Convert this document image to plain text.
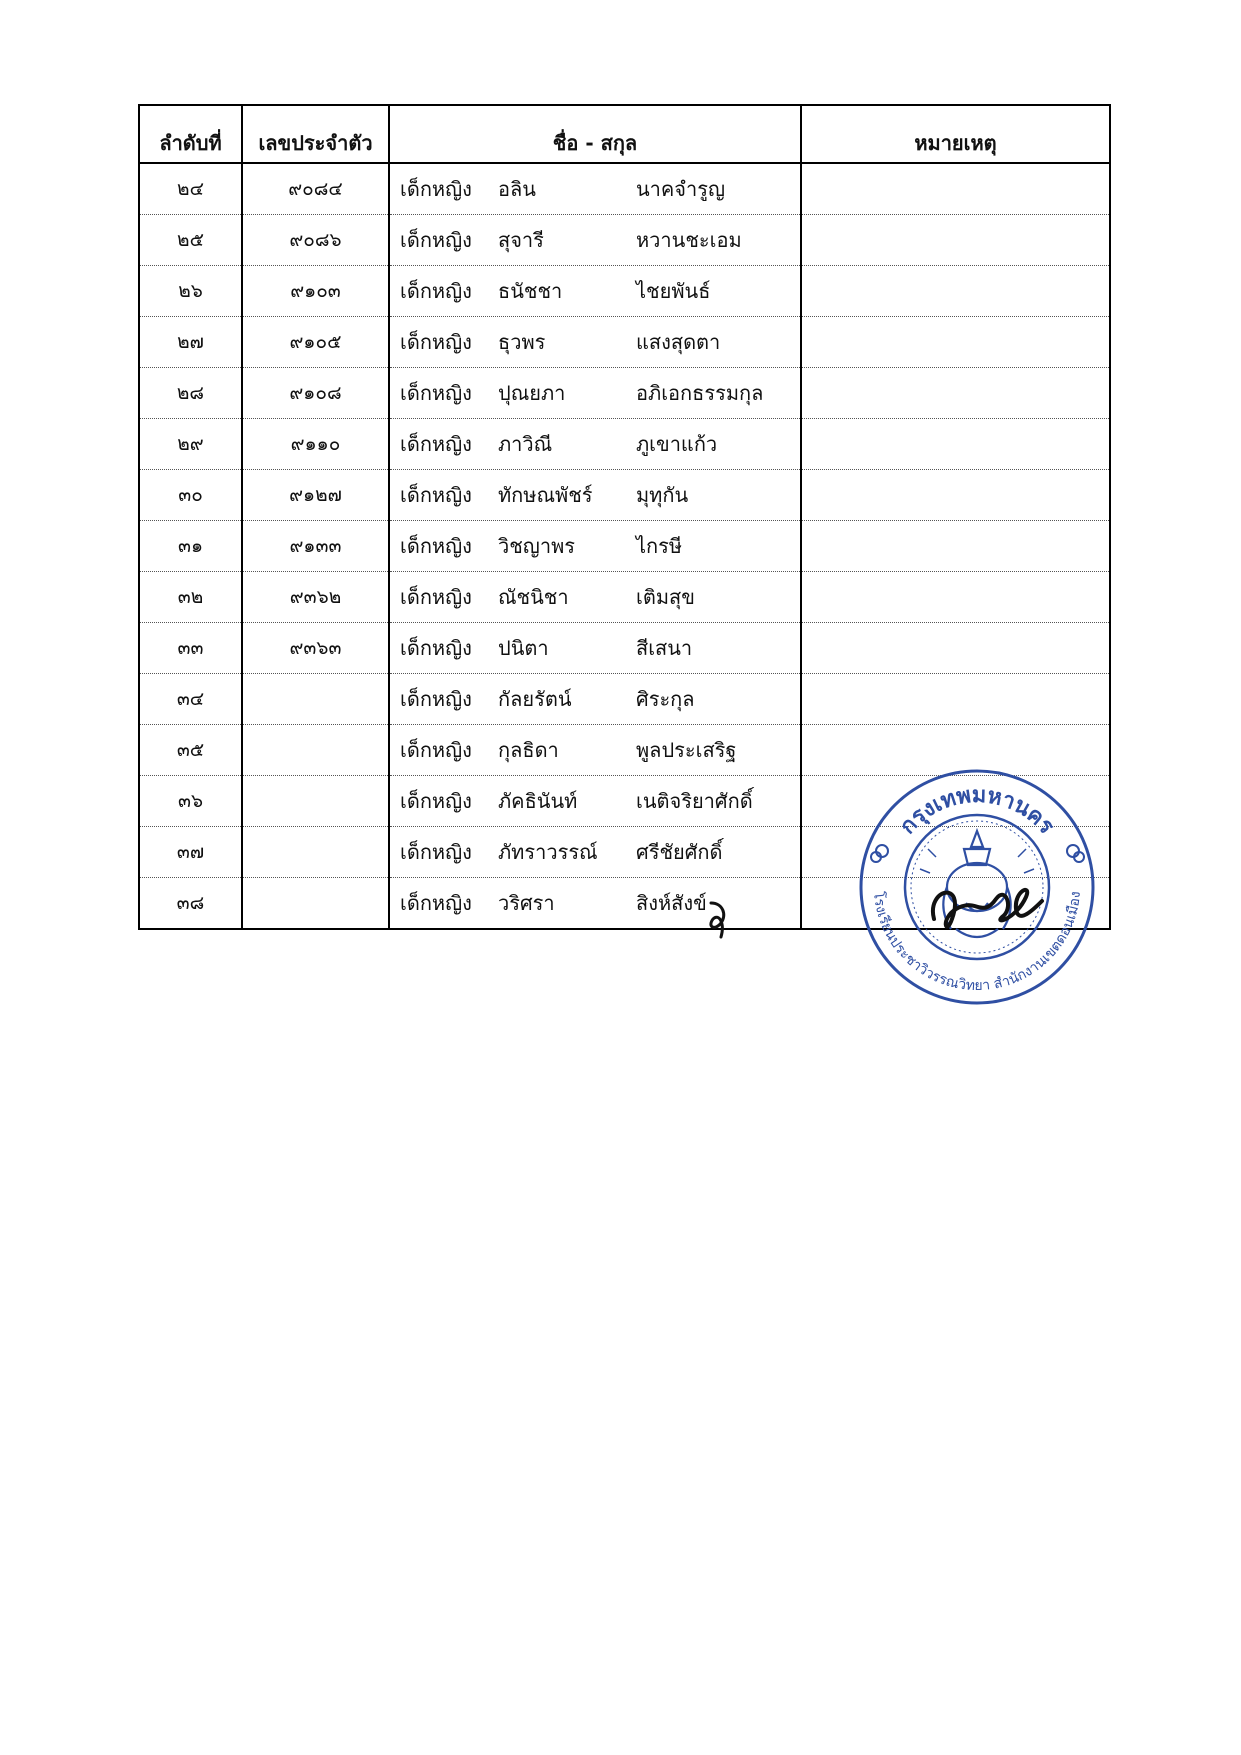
ลำดับที่	เลขประจำตัว	ชื่อ - สกุล	หมายเหตุ
๒๔	๙๐๘๔	เด็กหญิง อลิน นาคจำรูญ	
๒๕	๙๐๘๖	เด็กหญิง สุจารี หวานชะเอม	
๒๖	๙๑๐๓	เด็กหญิง ธนัชชา ไชยพันธ์	
๒๗	๙๑๐๕	เด็กหญิง ธุวพร แสงสุดตา	
๒๘	๙๑๐๘	เด็กหญิง ปุณยภา อภิเอกธรรมกุล	
๒๙	๙๑๑๐	เด็กหญิง ภาวิณี ภูเขาแก้ว	
๓๐	๙๑๒๗	เด็กหญิง ทักษณพัชร์ มุทุกัน	
๓๑	๙๑๓๓	เด็กหญิง วิชญาพร ไกรษี	
๓๒	๙๓๖๒	เด็กหญิง ณัชนิชา เติมสุข	
๓๓	๙๓๖๓	เด็กหญิง ปนิตา สีเสนา	
๓๔		เด็กหญิง กัลยรัตน์ ศิระกุล	
๓๕		เด็กหญิง กุลธิดา พูลประเสริฐ	
๓๖		เด็กหญิง ภัคธินันท์ เนติจริยาศักดิ์	
๓๗		เด็กหญิง ภัทราวรรณ์ ศรีชัยศักดิ์	
๓๘		เด็กหญิง วริศรา สิงห์สังข์	
กรุงเทพมหานคร
โรงเรียนประชาวิวรรณวิทยา สำนักงานเขตดอนเมือง
